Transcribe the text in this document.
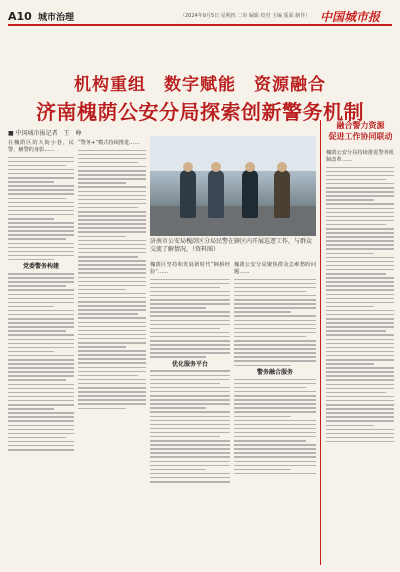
A10 城市治理	（2024年9月5日 星期四 二审 编辑 校对 主编 版面 制作） 中国城市报
机构重组　数字赋能　资源融合
济南槐荫公安分局探索创新警务机制
■ 中国城市报记者　王　峥
在槐荫区的大街小巷，民警、辅警的身影……
党委警务构建
“警务+”模式持续推进……
济南市公安局槐荫区分局民警在辖区内开展巡逻工作，与群众交流了解情况。（资料图）
槐荫区坚持和发展新时代“枫桥经验”……
优化服务平台
槐荫公安分局聚焦群众急难愁盼问题……
警务融合服务
融合警力资源
促进工作协同联动
槐荫公安分局持续推进警务机制改革……
